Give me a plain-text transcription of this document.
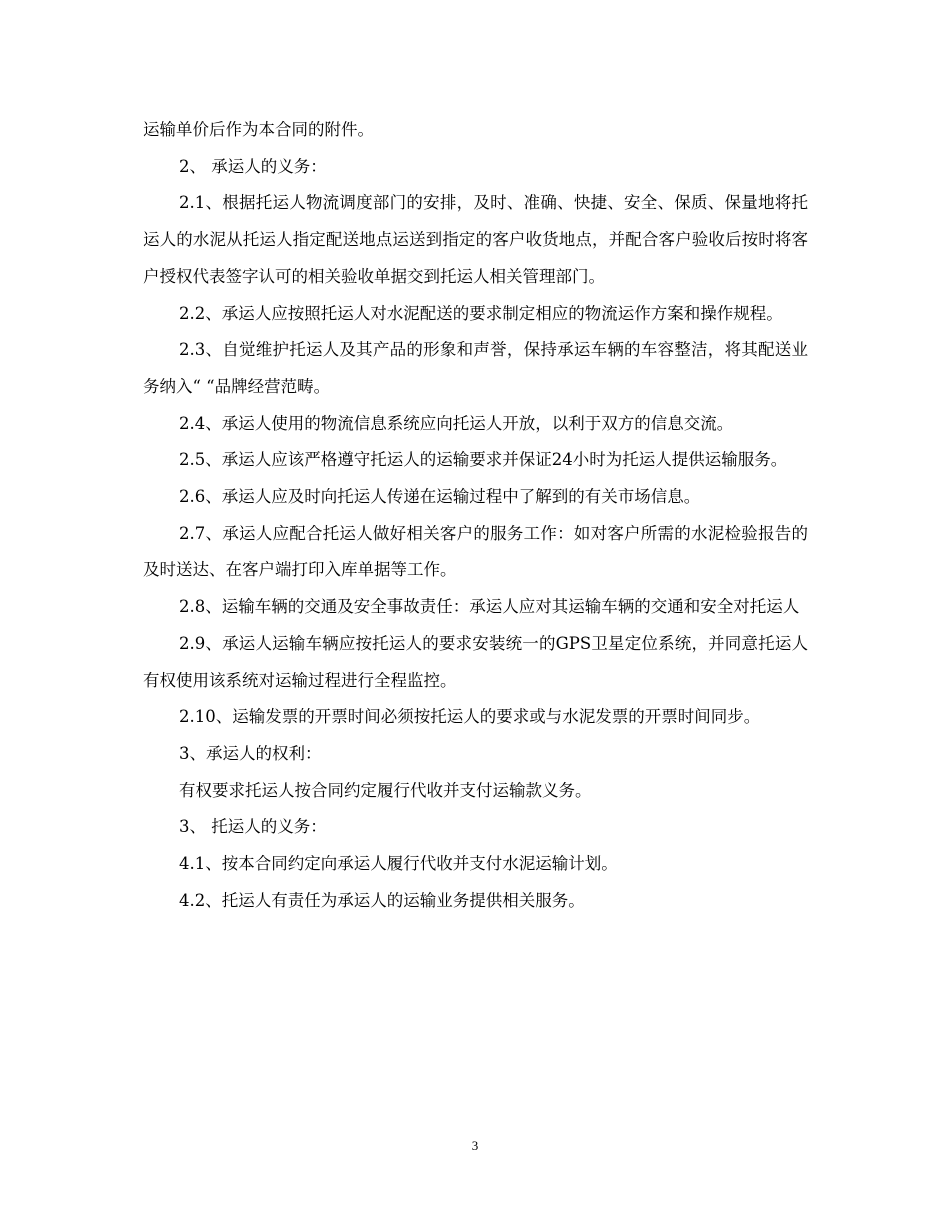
运输单价后作为本合同的附件。

2、 承运人的义务：

2.1、根据托运人物流调度部门的安排，及时、准确、快捷、安全、保质、保量地将托运人的水泥从托运人指定配送地点运送到指定的客户收货地点，并配合客户验收后按时将客户授权代表签字认可的相关验收单据交到托运人相关管理部门。

2.2、承运人应按照托运人对水泥配送的要求制定相应的物流运作方案和操作规程。

2.3、自觉维护托运人及其产品的形象和声誉，保持承运车辆的车容整洁，将其配送业务纳入“ “品牌经营范畴。

2.4、承运人使用的物流信息系统应向托运人开放，以利于双方的信息交流。

2.5、承运人应该严格遵守托运人的运输要求并保证24小时为托运人提供运输服务。

2.6、承运人应及时向托运人传递在运输过程中了解到的有关市场信息。

2.7、承运人应配合托运人做好相关客户的服务工作：如对客户所需的水泥检验报告的及时送达、在客户端打印入库单据等工作。

2.8、运输车辆的交通及安全事故责任：承运人应对其运输车辆的交通和安全对托运人

2.9、承运人运输车辆应按托运人的要求安装统一的GPS卫星定位系统，并同意托运人有权使用该系统对运输过程进行全程监控。

2.10、运输发票的开票时间必须按托运人的要求或与水泥发票的开票时间同步。

3、承运人的权利：

有权要求托运人按合同约定履行代收并支付运输款义务。

3、 托运人的义务：

4.1、按本合同约定向承运人履行代收并支付水泥运输计划。

4.2、托运人有责任为承运人的运输业务提供相关服务。

3
